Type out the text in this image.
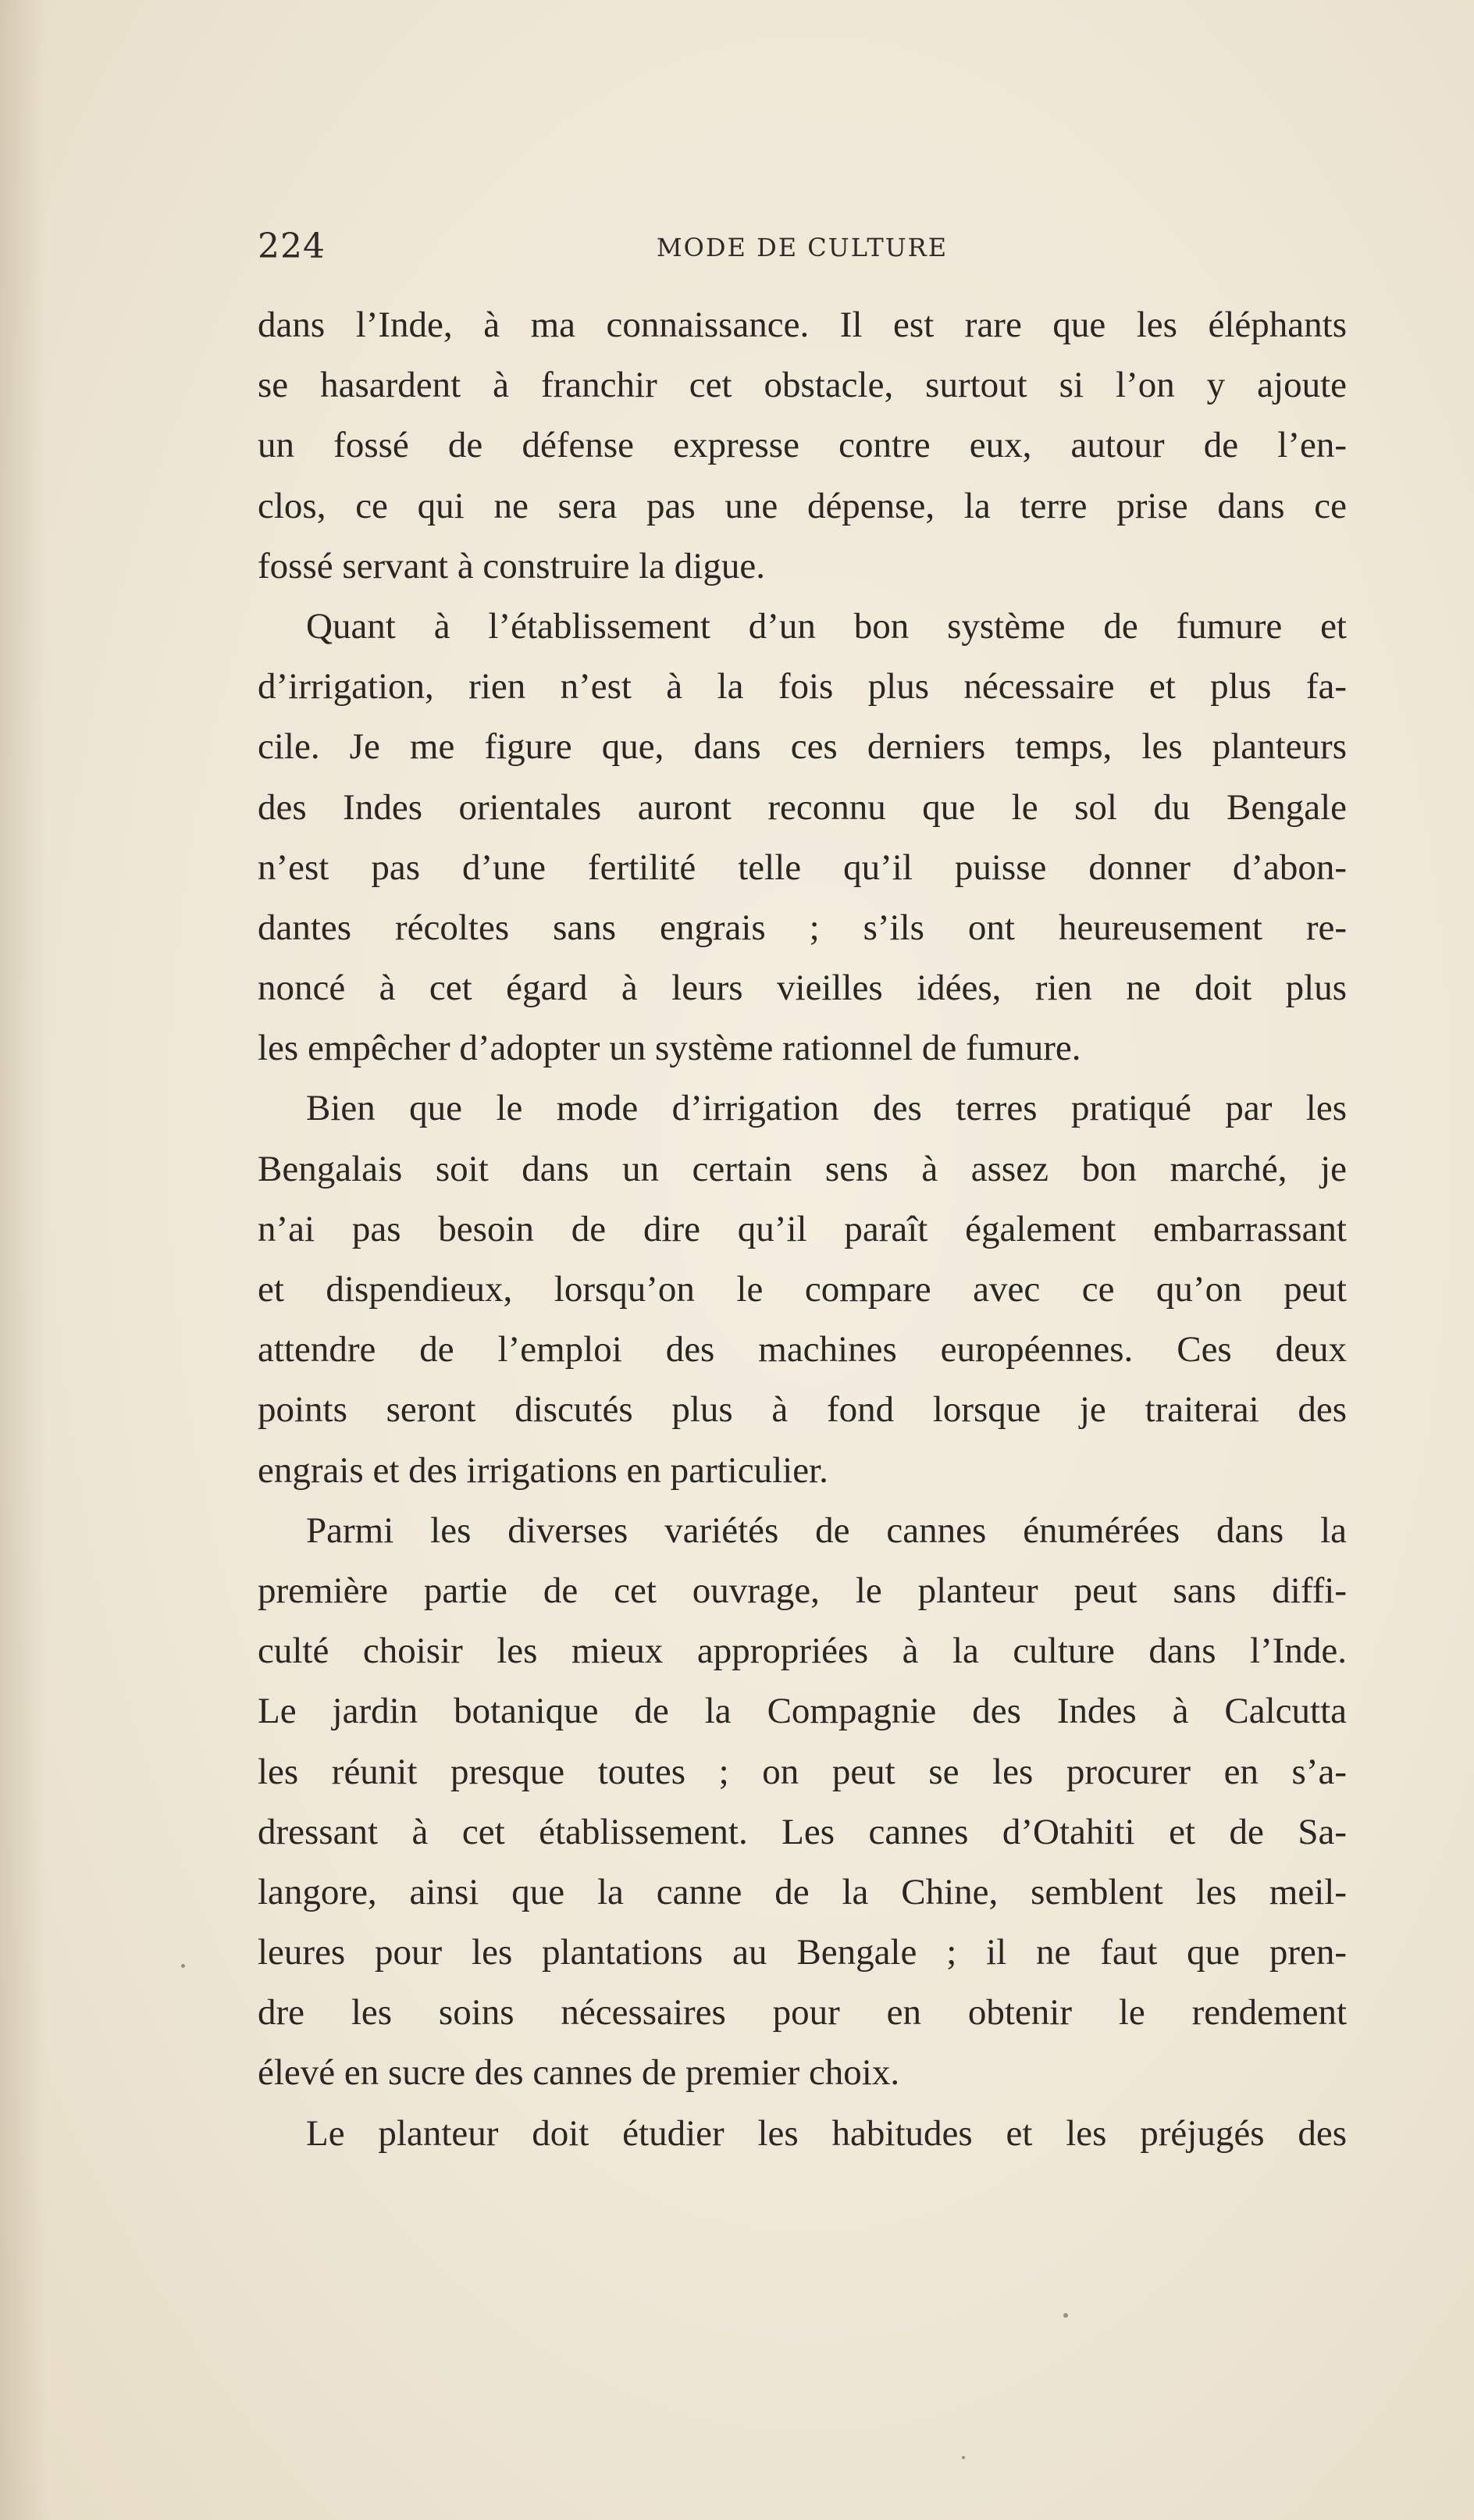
224	MODE DE CULTURE
dans l’Inde, à ma connaissance. Il est rare que les éléphants
se hasardent à franchir cet obstacle, surtout si l’on y ajoute
un fossé de défense expresse contre eux, autour de l’en-
clos, ce qui ne sera pas une dépense, la terre prise dans ce
fossé servant à construire la digue.
Quant à l’établissement d’un bon système de fumure et
d’irrigation, rien n’est à la fois plus nécessaire et plus fa-
cile. Je me figure que, dans ces derniers temps, les planteurs
des Indes orientales auront reconnu que le sol du Bengale
n’est pas d’une fertilité telle qu’il puisse donner d’abon-
dantes récoltes sans engrais ; s’ils ont heureusement re-
noncé à cet égard à leurs vieilles idées, rien ne doit plus
les empêcher d’adopter un système rationnel de fumure.
Bien que le mode d’irrigation des terres pratiqué par les
Bengalais soit dans un certain sens à assez bon marché, je
n’ai pas besoin de dire qu’il paraît également embarrassant
et dispendieux, lorsqu’on le compare avec ce qu’on peut
attendre de l’emploi des machines européennes. Ces deux
points seront discutés plus à fond lorsque je traiterai des
engrais et des irrigations en particulier.
Parmi les diverses variétés de cannes énumérées dans la
première partie de cet ouvrage, le planteur peut sans diffi-
culté choisir les mieux appropriées à la culture dans l’Inde.
Le jardin botanique de la Compagnie des Indes à Calcutta
les réunit presque toutes ; on peut se les procurer en s’a-
dressant à cet établissement. Les cannes d’Otahiti et de Sa-
langore, ainsi que la canne de la Chine, semblent les meil-
leures pour les plantations au Bengale ; il ne faut que pren-
dre les soins nécessaires pour en obtenir le rendement
élevé en sucre des cannes de premier choix.
Le planteur doit étudier les habitudes et les préjugés des
